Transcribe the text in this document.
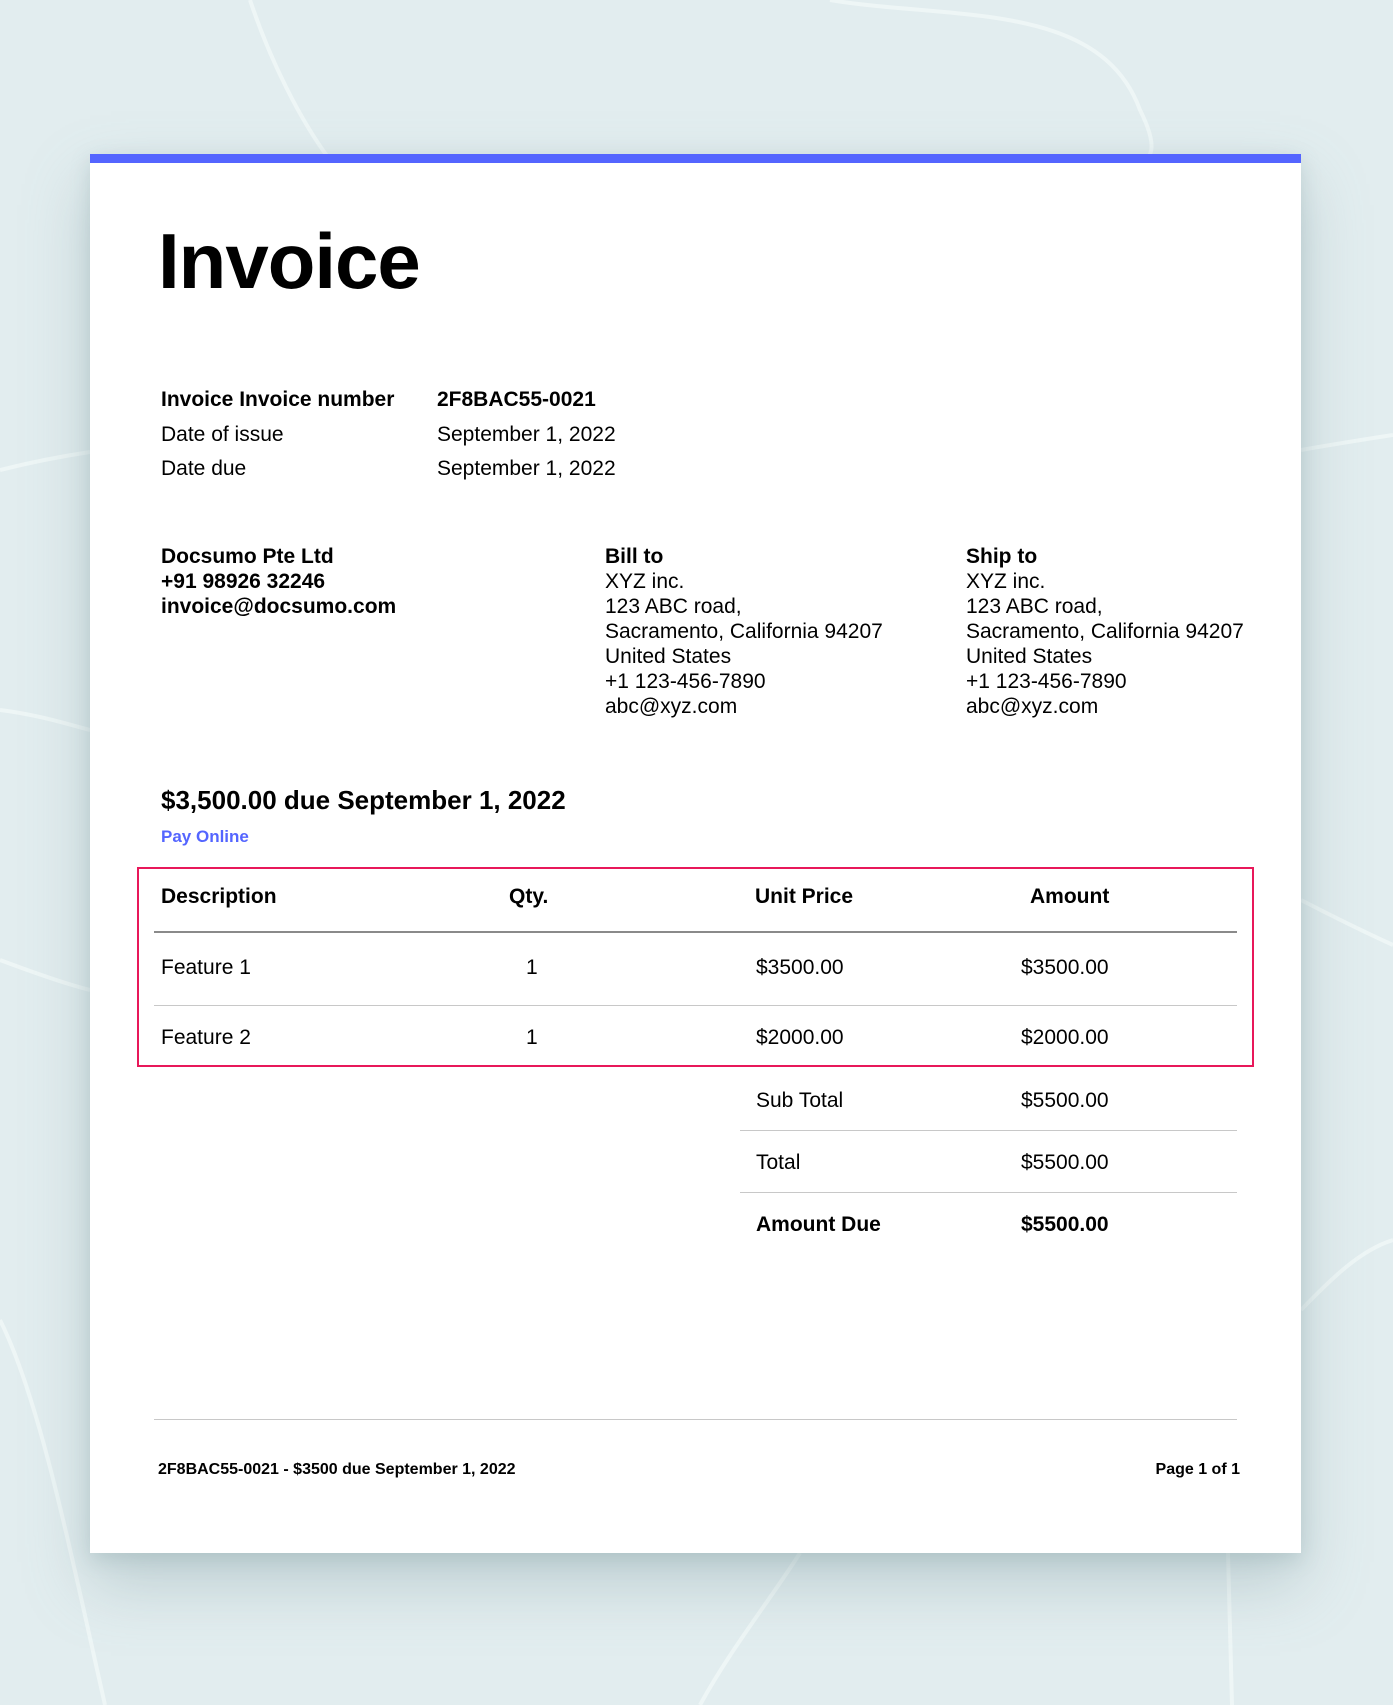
Invoice
Invoice Invoice number 2F8BAC55-0021
Date of issue	September 1, 2022
Date due	September 1, 2022
Docsumo Pte Ltd
+91 98926 32246
invoice@docsumo.com
Bill to
XYZ inc.
123 ABC road,
Sacramento, California 94207
United States
+1 123-456-7890
abc@xyz.com
Ship to
XYZ inc.
123 ABC road,
Sacramento, California 94207
United States
+1 123-456-7890
abc@xyz.com
$3,500.00 due September 1, 2022
Pay Online
Description	Qty.	Unit Price	Amount
Feature 1	1	$3500.00	$3500.00
Feature 2	1	$2000.00	$2000.00
Sub Total	$5500.00
Total	$5500.00
Amount Due	$5500.00
2F8BAC55-0021 - $3500 due September 1, 2022	Page 1 of 1
